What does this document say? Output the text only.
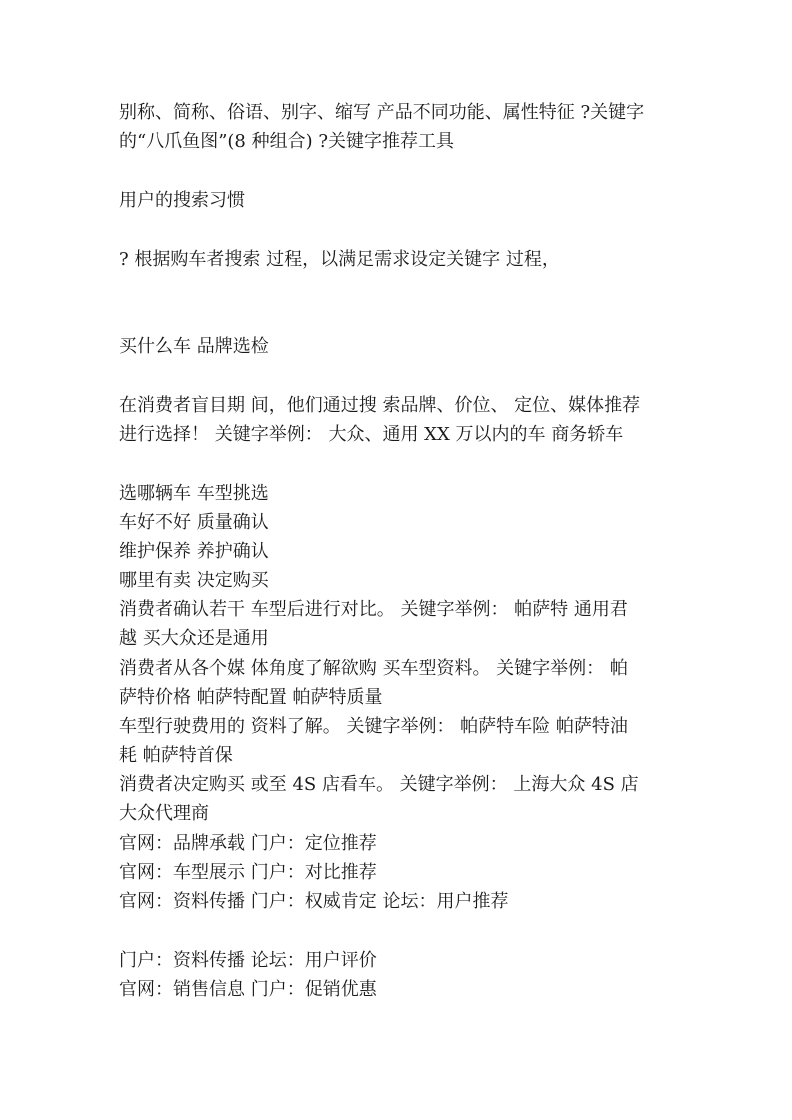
别称、简称、俗语、别字、缩写 产品不同功能、属性特征 ?关键字
的“八爪鱼图”(8 种组合) ?关键字推荐工具
用户的搜索习惯
? 根据购车者搜索 过程，以满足需求设定关键字 过程，
买什么车 品牌选检
在消费者盲目期 间，他们通过搜 索品牌、价位、 定位、媒体推荐
进行选择！ 关键字举例： 大众、通用 XX 万以内的车 商务轿车
选哪辆车 车型挑选
车好不好 质量确认
维护保养 养护确认
哪里有卖 决定购买
消费者确认若干 车型后进行对比。 关键字举例： 帕萨特 通用君
越 买大众还是通用
消费者从各个媒 体角度了解欲购 买车型资料。 关键字举例： 帕
萨特价格 帕萨特配置 帕萨特质量
车型行驶费用的 资料了解。 关键字举例： 帕萨特车险 帕萨特油
耗 帕萨特首保
消费者决定购买 或至 4S 店看车。 关键字举例： 上海大众 4S 店
大众代理商
官网：品牌承载 门户：定位推荐
官网：车型展示 门户：对比推荐
官网：资料传播 门户：权威肯定 论坛：用户推荐
门户：资料传播 论坛：用户评价
官网：销售信息 门户：促销优惠
